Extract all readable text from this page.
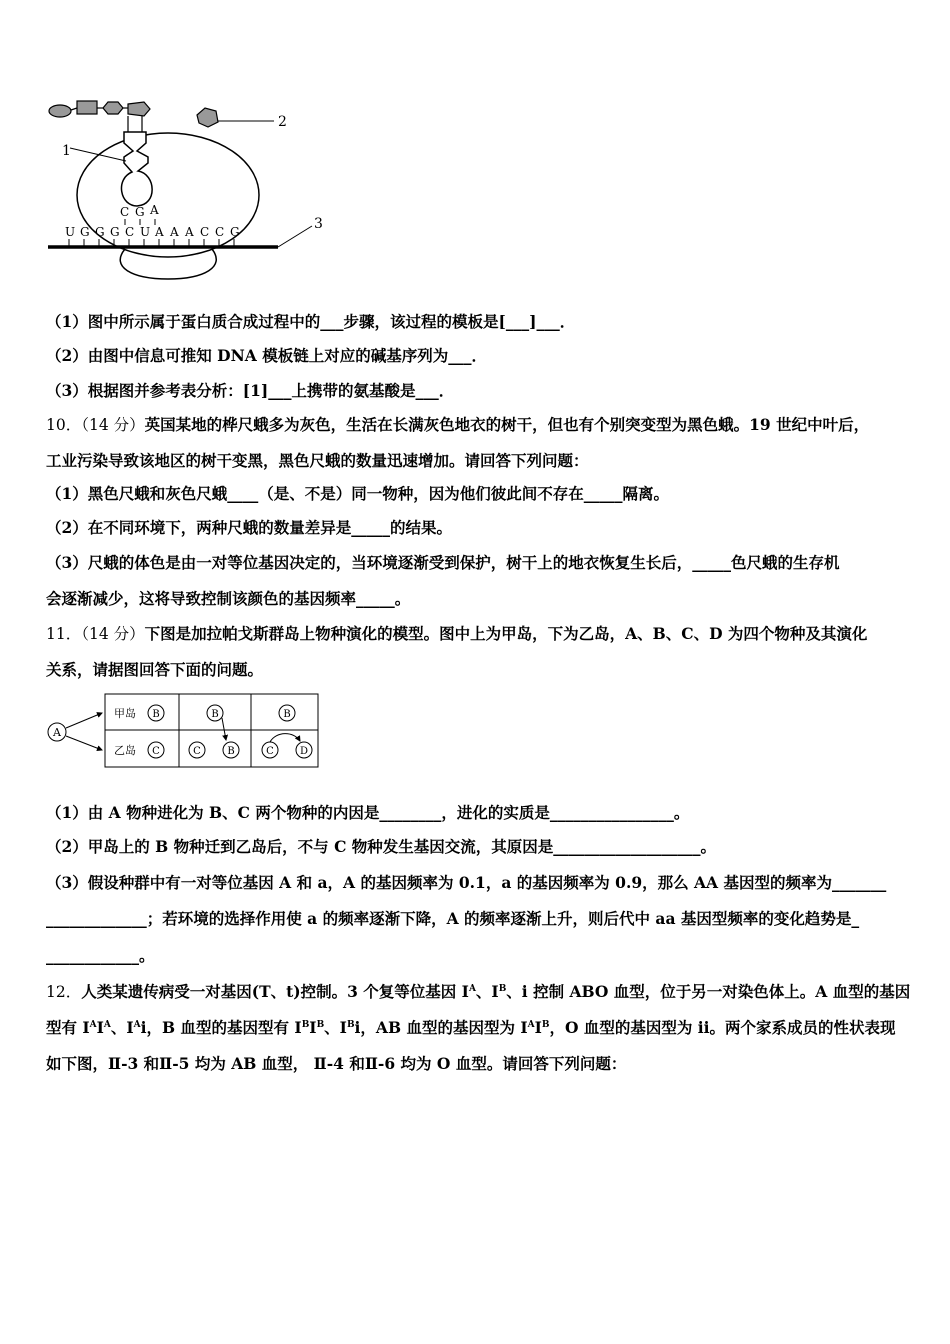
2
1
C G A
U G G G C U A A A C C G	3
（1）图中所示属于蛋白质合成过程中的___步骤，该过程的模板是[___]___．
（2）由图中信息可推知 DNA 模板链上对应的碱基序列为___．
（3）根据图并参考表分析：[1]___上携带的氨基酸是___．
10．（14 分）英国某地的桦尺蛾多为灰色，生活在长满灰色地衣的树干，但也有个别突变型为黑色蛾。19 世纪中叶后，
工业污染导致该地区的树干变黑，黑色尺蛾的数量迅速增加。请回答下列问题：
（1）黑色尺蛾和灰色尺蛾____（是、不是）同一物种，因为他们彼此间不存在_____隔离。
（2）在不同环境下，两种尺蛾的数量差异是_____的结果。
（3）尺蛾的体色是由一对等位基因决定的，当环境逐渐受到保护，树干上的地衣恢复生长后，_____色尺蛾的生存机
会逐渐减少，这将导致控制该颜色的基因频率_____。
11．（14 分）下图是加拉帕戈斯群岛上物种演化的模型。图中上为甲岛，下为乙岛，A、B、C、D 为四个物种及其演化
关系，请据图回答下面的问题。
A
甲岛 B
乙岛 C
B
C	B
B
C	D
（1）由 A 物种进化为 B、C 两个物种的内因是________，进化的实质是________________。
（2）甲岛上的 B 物种迁到乙岛后，不与 C 物种发生基因交流，其原因是___________________。
（3）假设种群中有一对等位基因 A 和 a，A 的基因频率为 0.1，a 的基因频率为 0.9，那么 AA 基因型的频率为_______
_____________；若环境的选择作用使 a 的频率逐渐下降，A 的频率逐渐上升，则后代中 aa 基因型频率的变化趋势是_
____________。
12．人类某遗传病受一对基因(T、t)控制。3 个复等位基因 $I^A$、$I^B$、i 控制 ABO 血型，位于另一对染色体上。A 血型的基因
型有 $I^AI^A$、$I^Ai$，B 血型的基因型有 $I^BI^B$、$I^Bi$，AB 血型的基因型为 $I^AI^B$，O 血型的基因型为 ii。两个家系成员的性状表现
如下图，Ⅱ-3 和Ⅱ-5 均为 AB 血型， Ⅱ-4 和Ⅱ-6 均为 O 血型。请回答下列问题：
